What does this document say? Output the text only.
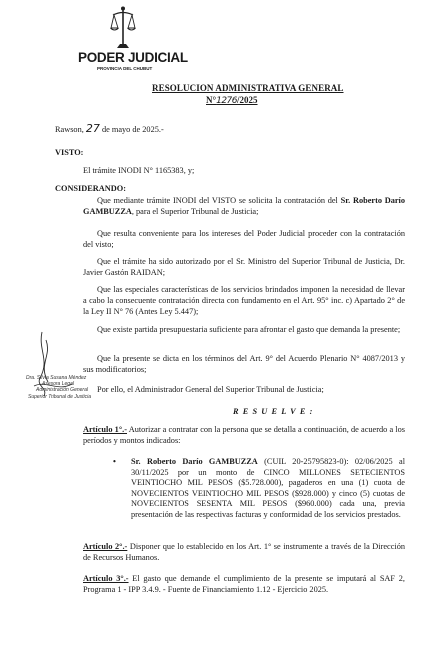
PODER JUDICIAL
PROVINCIA DEL CHUBUT
RESOLUCION ADMINISTRATIVA GENERAL
N°1276/2025
Rawson, 27 de mayo de 2025.-
VISTO:
El trámite INODI N° 1165383, y;
CONSIDERANDO:
Que mediante trámite INODI del VISTO se solicita la contratación del Sr. Roberto Darío GAMBUZZA, para el Superior Tribunal de Justicia;
Que resulta conveniente para los intereses del Poder Judicial proceder con la contratación del visto;
Que el trámite ha sido autorizado por el Sr. Ministro del Superior Tribunal de Justicia, Dr. Javier Gastón RAIDAN;
Que las especiales características de los servicios brindados imponen la necesidad de llevar a cabo la consecuente contratación directa con fundamento en el Art. 95° inc. c) Apartado 2° de la Ley II N° 76 (Antes Ley 5.447);
Que existe partida presupuestaria suficiente para afrontar el gasto que demanda la presente;
Que la presente se dicta en los términos del Art. 9° del Acuerdo Plenario N° 4087/2013 y sus modificatorios;
Por ello, el Administrador General del Superior Tribunal de Justicia;
Dra. Silvia Susana Méndez
Asesora Legal
Administración General
Superior Tribunal de Justicia
RESUELVE:
Artículo 1°.- Autorizar a contratar con la persona que se detalla a continuación, de acuerdo a los períodos y montos indicados:
• Sr. Roberto Darío GAMBUZZA (CUIL 20-25795823-0): 02/06/2025 al 30/11/2025 por un monto de CINCO MILLONES SETECIENTOS VEINTIOCHO MIL PESOS ($5.728.000), pagaderos en una (1) cuota de NOVECIENTOS VEINTIOCHO MIL PESOS ($928.000) y cinco (5) cuotas de NOVECIENTOS SESENTA MIL PESOS ($960.000) cada una, previa presentación de las respectivas facturas y conformidad de los servicios prestados.
Artículo 2°.- Disponer que lo establecido en los Art. 1° se instrumente a través de la Dirección de Recursos Humanos.
Artículo 3°.- El gasto que demande el cumplimiento de la presente se imputará al SAF 2, Programa 1 - IPP 3.4.9. - Fuente de Financiamiento 1.12 - Ejercicio 2025.
